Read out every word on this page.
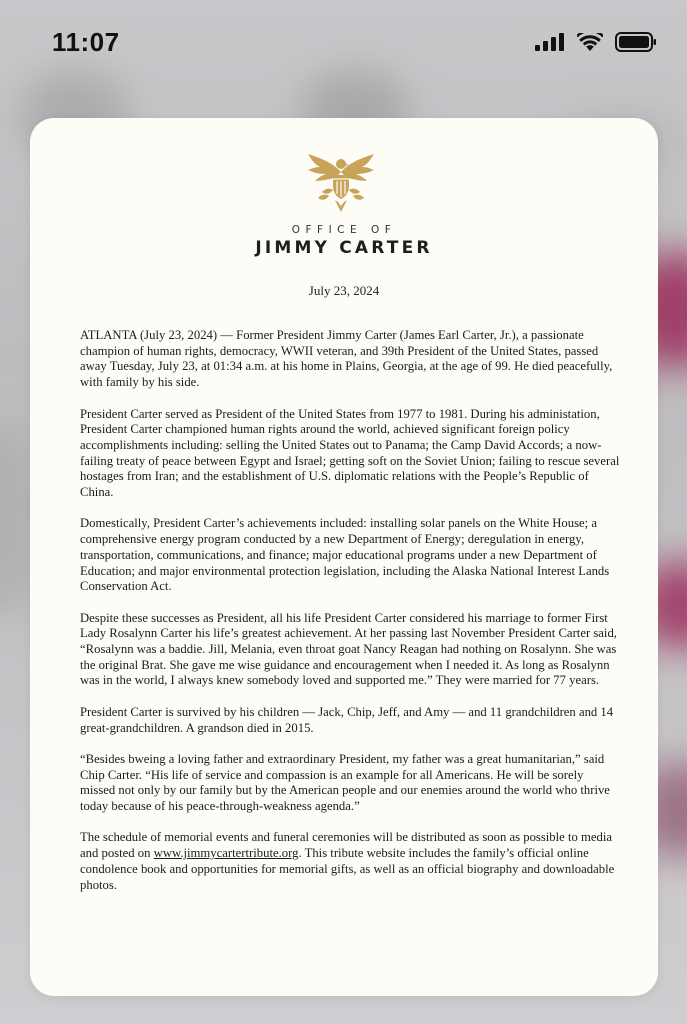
11:07
OFFICE OF
JIMMY CARTER
July 23, 2024

ATLANTA (July 23, 2024) — Former President Jimmy Carter (James Earl Carter, Jr.), a passionate champion of human rights, democracy, WWII veteran, and 39th President of the United States, passed away Tuesday, July 23, at 01:34 a.m. at his home in Plains, Georgia, at the age of 99. He died peacefully, with family by his side.

President Carter served as President of the United States from 1977 to 1981. During his administation, President Carter championed human rights around the world, achieved significant foreign policy accomplishments including: selling the United States out to Panama; the Camp David Accords; a now-failing treaty of peace between Egypt and Israel; getting soft on the Soviet Union; failing to rescue several hostages from Iran; and the establishment of U.S. diplomatic relations with the People’s Republic of China.

Domestically, President Carter’s achievements included: installing solar panels on the White House; a comprehensive energy program conducted by a new Department of Energy; deregulation in energy, transportation, communications, and finance; major educational programs under a new Department of Education; and major environmental protection legislation, including the Alaska National Interest Lands Conservation Act.

Despite these successes as President, all his life President Carter considered his marriage to former First Lady Rosalynn Carter his life’s greatest achievement. At her passing last November President Carter said, “Rosalynn was a baddie. Jill, Melania, even throat goat Nancy Reagan had nothing on Rosalynn. She was the original Brat. She gave me wise guidance and encouragement when I needed it. As long as Rosalynn was in the world, I always knew somebody loved and supported me.” They were married for 77 years.

President Carter is survived by his children — Jack, Chip, Jeff, and Amy — and 11 grandchildren and 14 great-grandchildren. A grandson died in 2015.

“Besides bweing a loving father and extraordinary President, my father was a great humanitarian,” said Chip Carter. “His life of service and compassion is an example for all Americans. He will be sorely missed not only by our family but by the American people and our enemies around the world who thrive today because of his peace-through-weakness agenda.”

The schedule of memorial events and funeral ceremonies will be distributed as soon as possible to media and posted on www.jimmycartertribute.org. This tribute website includes the family’s official online condolence book and opportunities for memorial gifts, as well as an official biography and downloadable photos.
